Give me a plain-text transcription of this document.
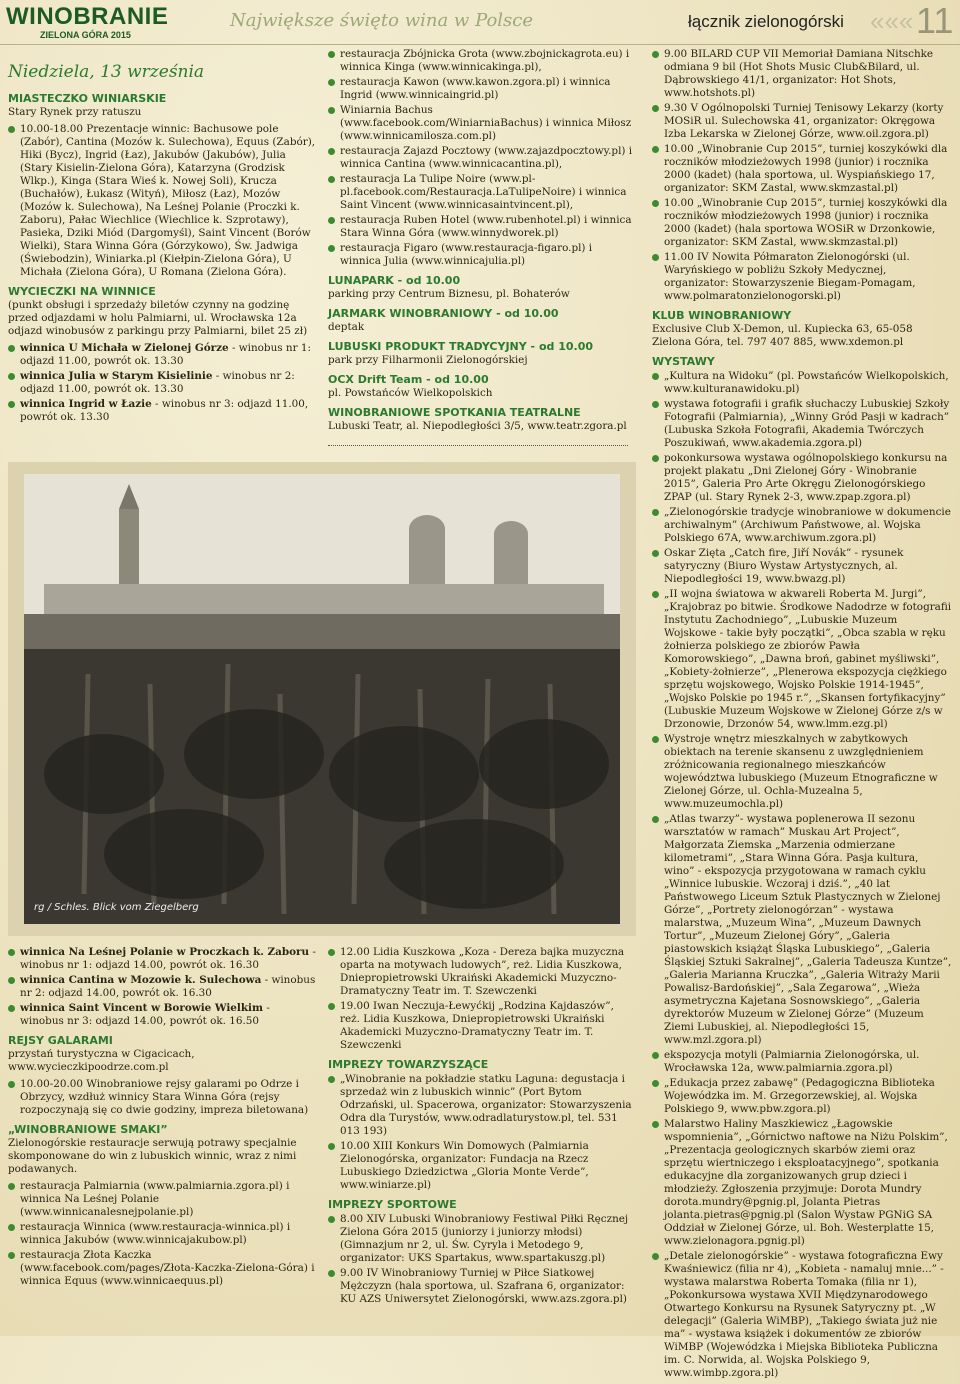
WINOBRANIE
ZIELONA GÓRA 2015
Największe święto wina w Polsce	łącznik zielonogórski ««« 11
Niedziela, 13 września
MIASTECZKO WINIARSKIE
Stary Rynek przy ratuszu
10.00-18.00 Prezentacje winnic: Bachusowe pole (Zabór), Cantina (Mozów k. Sulechowa), Equus (Zabór), Hiki (Bycz), Ingrid (Łaz), Jakubów (Jakubów), Julia (Stary Kisielin-Zielona Góra), Katarzyna (Grodzisk Wlkp.), Kinga (Stara Wieś k. Nowej Soli), Krucza (Buchałów), Łukasz (Wityń), Miłosz (Łaz), Mozów (Mozów k. Sulechowa), Na Leśnej Polanie (Proczki k. Zaboru), Pałac Wiechlice (Wiechlice k. Szprotawy), Pasieka, Dziki Miód (Dargomyśl), Saint Vincent (Borów Wielki), Stara Winna Góra (Górzykowo), Św. Jadwiga (Świebodzin), Winiarka.pl (Kiełpin-Zielona Góra), U Michała (Zielona Góra), U Romana (Zielona Góra).
WYCIECZKI NA WINNICE
(punkt obsługi i sprzedaży biletów czynny na godzinę przed odjazdami w holu Palmiarni, ul. Wrocławska 12a odjazd winobusów z parkingu przy Palmiarni, bilet 25 zł)
winnica U Michała w Zielonej Górze - winobus nr 1: odjazd 11.00, powrót ok. 13.30
winnica Julia w Starym Kisielinie - winobus nr 2: odjazd 11.00, powrót ok. 13.30
winnica Ingrid w Łazie - winobus nr 3: odjazd 11.00, powrót ok. 13.30
restauracja Zbójnicka Grota (www.zbojnickagrota.eu) i winnica Kinga (www.winnicakinga.pl),
restauracja Kawon (www.kawon.zgora.pl) i winnica Ingrid (www.winnicaingrid.pl)
Winiarnia Bachus (www.facebook.com/WiniarniaBachus) i winnica Miłosz (www.winnicamilosza.com.pl)
restauracja Zajazd Pocztowy (www.zajazdpocztowy.pl) i winnica Cantina (www.winnicacantina.pl),
restauracja La Tulipe Noire (www.pl-pl.facebook.com/Restauracja.LaTulipeNoire) i winnica Saint Vincent (www.winnicasaintvincent.pl),
restauracja Ruben Hotel (www.rubenhotel.pl) i winnica Stara Winna Góra (www.winnydworek.pl)
restauracja Figaro (www.restauracja-figaro.pl) i winnica Julia (www.winnicajulia.pl)
LUNAPARK - od 10.00
parking przy Centrum Biznesu, pl. Bohaterów
JARMARK WINOBRANIOWY - od 10.00
deptak
LUBUSKI PRODUKT TRADYCYJNY - od 10.00
park przy Filharmonii Zielonogórskiej
OCX Drift Team - od 10.00
pl. Powstańców Wielkopolskich
WINOBRANIOWE SPOTKANIA TEATRALNE
Lubuski Teatr, al. Niepodległości 3/5, www.teatr.zgora.pl
9.00 BILARD CUP VII Memoriał Damiana Nitschke odmiana 9 bil (Hot Shots Music Club&Bilard, ul. Dąbrowskiego 41/1, organizator: Hot Shots, www.hotshots.pl)
9.30 V Ogólnopolski Turniej Tenisowy Lekarzy (korty MOSiR ul. Sulechowska 41, organizator: Okręgowa Izba Lekarska w Zielonej Górze, www.oil.zgora.pl)
10.00 „Winobranie Cup 2015”, turniej koszykówki dla roczników młodzieżowych 1998 (junior) i rocznika 2000 (kadet) (hala sportowa, ul. Wyspiańskiego 17, organizator: SKM Zastal, www.skmzastal.pl)
10.00 „Winobranie Cup 2015”, turniej koszykówki dla roczników młodzieżowych 1998 (junior) i rocznika 2000 (kadet) (hala sportowa WOSiR w Drzonkowie, organizator: SKM Zastal, www.skmzastal.pl)
11.00 IV Nowita Półmaraton Zielonogórski (ul. Waryńskiego w pobliżu Szkoły Medycznej, organizator: Stowarzyszenie Biegam-Pomagam, www.polmaratonzielonogorski.pl)
KLUB WINOBRANIOWY
Exclusive Club X-Demon, ul. Kupiecka 63, 65-058 Zielona Góra, tel. 797 407 885, www.xdemon.pl
WYSTAWY
„Kultura na Widoku” (pl. Powstańców Wielkopolskich, www.kulturanawidoku.pl)
wystawa fotografii i grafik słuchaczy Lubuskiej Szkoły Fotografii (Palmiarnia), „Winny Gród Pasji w kadrach” (Lubuska Szkoła Fotografii, Akademia Twórczych Poszukiwań, www.akademia.zgora.pl)
pokonkursowa wystawa ogólnopolskiego konkursu na projekt plakatu „Dni Zielonej Góry - Winobranie 2015”, Galeria Pro Arte Okręgu Zielonogórskiego ZPAP (ul. Stary Rynek 2-3, www.zpap.zgora.pl)
„Zielonogórskie tradycje winobraniowe w dokumencie archiwalnym” (Archiwum Państwowe, al. Wojska Polskiego 67A, www.archiwum.zgora.pl)
Oskar Zięta „Catch fire, Jiří Novák” - rysunek satyryczny (Biuro Wystaw Artystycznych, al. Niepodległości 19, www.bwazg.pl)
„II wojna światowa w akwareli Roberta M. Jurgi”, „Krajobraz po bitwie. Środkowe Nadodrze w fotografii Instytutu Zachodniego”, „Lubuskie Muzeum Wojskowe - takie były początki”, „Obca szabla w ręku żołnierza polskiego ze zbiorów Pawła Komorowskiego”, „Dawna broń, gabinet myśliwski”, „Kobiety-żołnierze”, „Plenerowa ekspozycja ciężkiego sprzętu wojskowego, Wojsko Polskie 1914-1945”, „Wojsko Polskie po 1945 r.”, „Skansen fortyfikacyjny” (Lubuskie Muzeum Wojskowe w Zielonej Górze z/s w Drzonowie, Drzonów 54, www.lmm.ezg.pl)
Wystroje wnętrz mieszkalnych w zabytkowych obiektach na terenie skansenu z uwzględnieniem zróżnicowania regionalnego mieszkańców województwa lubuskiego (Muzeum Etnograficzne w Zielonej Górze, ul. Ochla-Muzealna 5, www.muzeumochla.pl)
„Atlas twarzy”- wystawa poplenerowa II sezonu warsztatów w ramach” Muskau Art Project”, Małgorzata Ziemska „Marzenia odmierzane kilometrami”, „Stara Winna Góra. Pasja kultura, wino” - ekspozycja przygotowana w ramach cyklu „Winnice lubuskie. Wczoraj i dziś.”, „40 lat Państwowego Liceum Sztuk Plastycznych w Zielonej Górze”, „Portrety zielonogórzan” - wystawa malarstwa, „Muzeum Wina”, „Muzeum Dawnych Tortur”, „Muzeum Zielonej Góry”, „Galeria piastowskich książąt Śląska Lubuskiego”, „Galeria Śląskiej Sztuki Sakralnej”, „Galeria Tadeusza Kuntze”, „Galeria Marianna Kruczka”, „Galeria Witraży Marii Powalisz-Bardońskiej”, „Sala Zegarowa”, „Wieża asymetryczna Kajetana Sosnowskiego”, „Galeria dyrektorów Muzeum w Zielonej Górze” (Muzeum Ziemi Lubuskiej, al. Niepodległości 15, www.mzl.zgora.pl)
ekspozycja motyli (Palmiarnia Zielonogórska, ul. Wrocławska 12a, www.palmiarnia.zgora.pl)
„Edukacja przez zabawę” (Pedagogiczna Biblioteka Wojewódzka im. M. Grzegorzewskiej, al. Wojska Polskiego 9, www.pbw.zgora.pl)
Malarstwo Haliny Maszkiewicz „Łagowskie wspomnienia”, „Górnictwo naftowe na Niżu Polskim”, „Prezentacja geologicznych skarbów ziemi oraz sprzętu wiertniczego i eksploatacyjnego”, spotkania edukacyjne dla zorganizowanych grup dzieci i młodzieży. Zgłoszenia przyjmuje: Dorota Mundry dorota.mundry@pgnig.pl, Jolanta Pietras jolanta.pietras@pgnig.pl (Salon Wystaw PGNiG SA Oddział w Zielonej Górze, ul. Boh. Westerplatte 15, www.zielonagora.pgnig.pl)
„Detale zielonogórskie” - wystawa fotograficzna Ewy Kwaśniewicz (filia nr 4), „Kobieta - namaluj mnie...” - wystawa malarstwa Roberta Tomaka (filia nr 1), „Pokonkursowa wystawa XVII Międzynarodowego Otwartego Konkursu na Rysunek Satyryczny pt. „W delegacji” (Galeria WiMBP), „Takiego świata już nie ma” - wystawa książek i dokumentów ze zbiorów WiMBP (Wojewódzka i Miejska Biblioteka Publiczna im. C. Norwida, al. Wojska Polskiego 9, www.wimbp.zgora.pl)
rg / Schles. Blick vom Ziegelberg
winnica Na Leśnej Polanie w Proczkach k. Zaboru - winobus nr 1: odjazd 14.00, powrót ok. 16.30
winnica Cantina w Mozowie k. Sulechowa - winobus nr 2: odjazd 14.00, powrót ok. 16.30
winnica Saint Vincent w Borowie Wielkim - winobus nr 3: odjazd 14.00, powrót ok. 16.50
REJSY GALARAMI
przystań turystyczna w Cigacicach, www.wycieczkipoodrze.com.pl
10.00-20.00 Winobraniowe rejsy galarami po Odrze i Obrzycy, wzdłuż winnicy Stara Winna Góra (rejsy rozpoczynają się co dwie godziny, impreza biletowana)
„WINOBRANIOWE SMAKI”
Zielonogórskie restauracje serwują potrawy specjalnie skomponowane do win z lubuskich winnic, wraz z nimi podawanych.
restauracja Palmiarnia (www.palmiarnia.zgora.pl) i winnica Na Leśnej Polanie (www.winnicanalesnejpolanie.pl)
restauracja Winnica (www.restauracja-winnica.pl) i winnica Jakubów (www.winnicajakubow.pl)
restauracja Złota Kaczka (www.facebook.com/pages/Złota-Kaczka-Zielona-Góra) i winnica Equus (www.winnicaequus.pl)
12.00 Lidia Kuszkowa „Koza - Dereza bajka muzyczna oparta na motywach ludowych”, reż. Lidia Kuszkowa, Dniepropietrowski Ukraiński Akademicki Muzyczno-Dramatyczny Teatr im. T. Szewczenki
19.00 Iwan Neczuja-Łewyćkij „Rodzina Kajdaszów”, reż. Lidia Kuszkowa, Dniepropietrowski Ukraiński Akademicki Muzyczno-Dramatyczny Teatr im. T. Szewczenki
IMPREZY TOWARZYSZĄCE
„Winobranie na pokładzie statku Laguna: degustacja i sprzedaż win z lubuskich winnic” (Port Bytom Odrzański, ul. Spacerowa, organizator: Stowarzyszenia Odra dla Turystów, www.odradlaturystow.pl, tel. 531 013 193)
10.00 XIII Konkurs Win Domowych (Palmiarnia Zielonogórska, organizator: Fundacja na Rzecz Lubuskiego Dziedzictwa „Gloria Monte Verde”, www.winiarze.pl)
IMPREZY SPORTOWE
8.00 XIV Lubuski Winobraniowy Festiwal Piłki Ręcznej Zielona Góra 2015 (juniorzy i juniorzy młodsi) (Gimnazjum nr 2, ul. Św. Cyryla i Metodego 9, organizator: UKS Spartakus, www.spartakuszg.pl)
9.00 IV Winobraniowy Turniej w Piłce Siatkowej Mężczyzn (hala sportowa, ul. Szafrana 6, organizator: KU AZS Uniwersytet Zielonogórski, www.azs.zgora.pl)
